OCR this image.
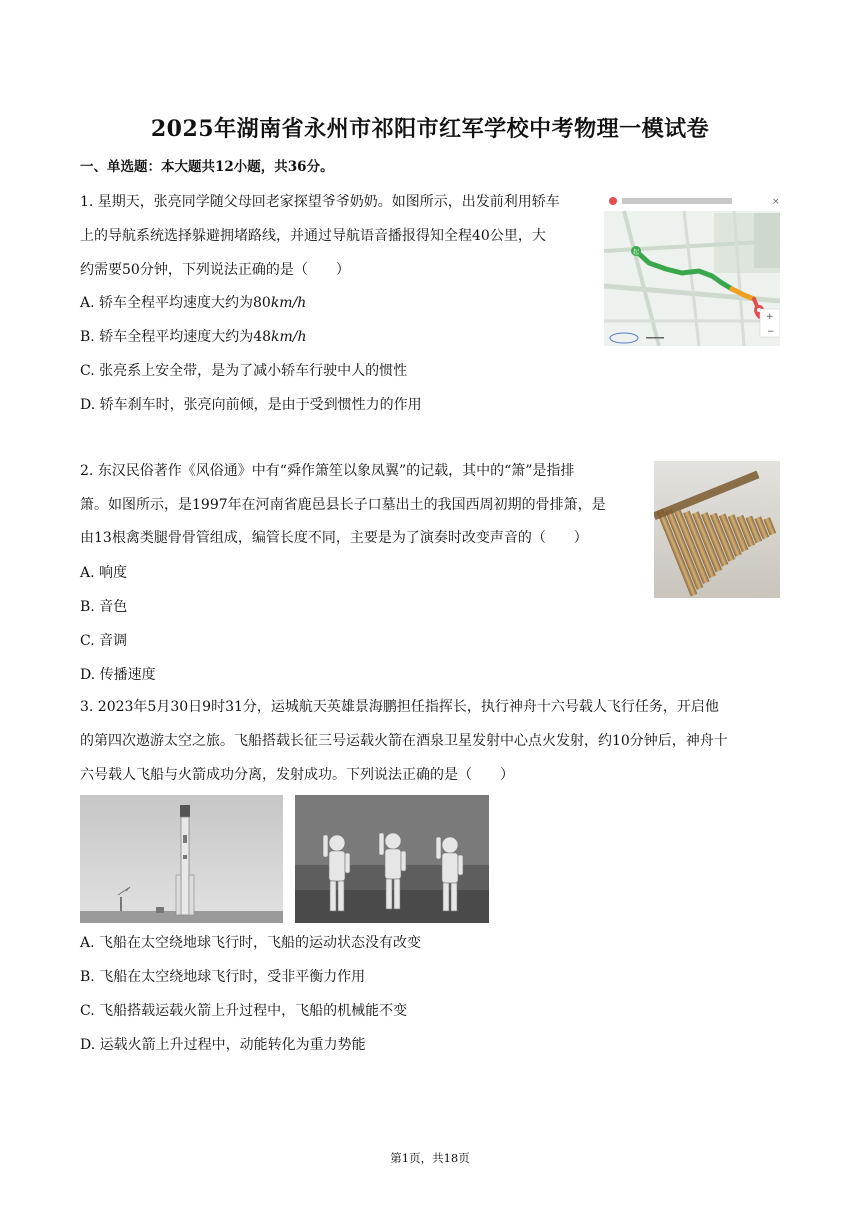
2025年湖南省永州市祁阳市红军学校中考物理一模试卷
一、单选题：本大题共12小题，共36分。
1. 星期天，张亮同学随父母回老家探望爷爷奶奶。如图所示，出发前利用轿车
上的导航系统选择躲避拥堵路线，并通过导航语音播报得知全程40公里，大
约需要50分钟，下列说法正确的是（　　）
A. 轿车全程平均速度大约为80km/h
B. 轿车全程平均速度大约为48km/h
C. 张亮系上安全带，是为了减小轿车行驶中人的惯性
D. 轿车刹车时，张亮向前倾，是由于受到惯性力的作用
×
起
+
−
2. 东汉民俗著作《风俗通》中有“舜作箫笙以象凤翼”的记载，其中的“箫”是指排
箫。如图所示，是1997年在河南省鹿邑县长子口墓出土的我国西周初期的骨排箫，是
由13根禽类腿骨骨管组成，编管长度不同，主要是为了演奏时改变声音的（　　）
A. 响度
B. 音色
C. 音调
D. 传播速度
3. 2023年5月30日9时31分，运城航天英雄景海鹏担任指挥长，执行神舟十六号载人飞行任务，开启他
的第四次遨游太空之旅。飞船搭载长征三号运载火箭在酒泉卫星发射中心点火发射，约10分钟后，神舟十
六号载人飞船与火箭成功分离，发射成功。下列说法正确的是（　　）
A. 飞船在太空绕地球飞行时，飞船的运动状态没有改变
B. 飞船在太空绕地球飞行时，受非平衡力作用
C. 飞船搭载运载火箭上升过程中，飞船的机械能不变
D. 运载火箭上升过程中，动能转化为重力势能
第1页，共18页
